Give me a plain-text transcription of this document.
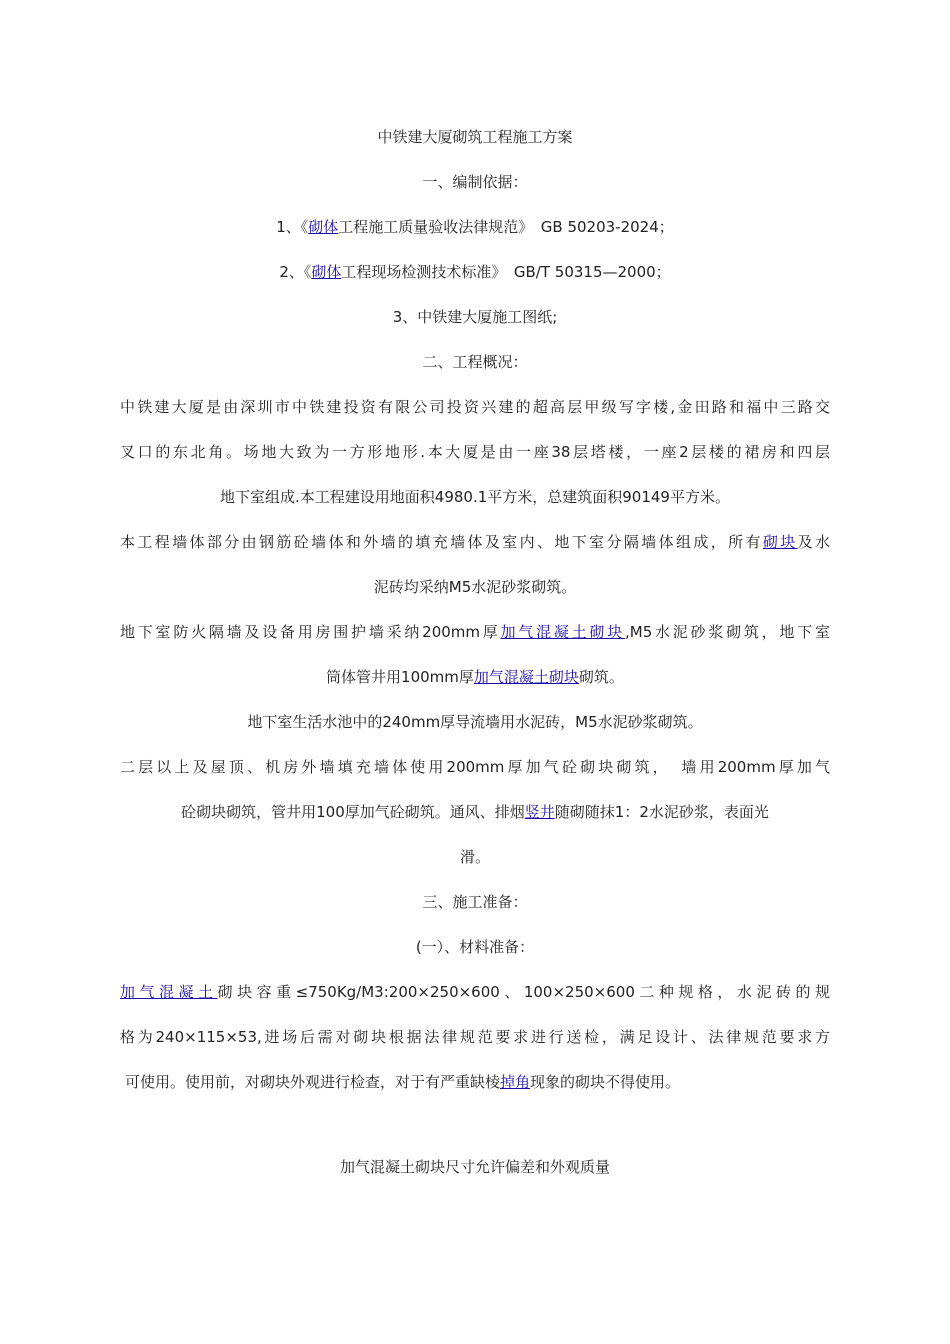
中铁建大厦砌筑工程施工方案
一、编制依据：
1、《砌体工程施工质量验收法律规范》　GB 50203-2024；
2、《砌体工程现场检测技术标准》　GB/T 50315—2000；
3、中铁建大厦施工图纸;
二、工程概况：
中铁建大厦是由深圳市中铁建投资有限公司投资兴建的超高层甲级写字楼,金田路和福中三路交
叉口的东北角。场地大致为一方形地形.本大厦是由一座38层塔楼，一座2层楼的裙房和四层
地下室组成.本工程建设用地面积4980.1平方米，总建筑面积90149平方米。
本工程墙体部分由钢筋砼墙体和外墙的填充墙体及室内、地下室分隔墙体组成，所有砌块及水
泥砖均采纳M5水泥砂浆砌筑。
地下室防火隔墙及设备用房围护墙采纳200mm厚加气混凝土砌块,M5水泥砂浆砌筑，地下室
筒体管井用100mm厚加气混凝土砌块砌筑。
地下室生活水池中的240mm厚导流墙用水泥砖，M5水泥砂浆砌筑。
二层以上及屋顶、机房外墙填充墙体使用200mm厚加气砼砌块砌筑，　墙用200mm厚加气
砼砌块砌筑，管井用100厚加气砼砌筑。通风、排烟竖井随砌随抹1：2水泥砂浆，表面光
滑。
三、施工准备：
(一）、材料准备：
加气混凝土砌块容重≤750Kg/M3:200×250×600、100×250×600二种规格，水泥砖的规
格为240×115×53,进场后需对砌块根据法律规范要求进行送检，满足设计、法律规范要求方
可使用。使用前，对砌块外观进行检查，对于有严重缺棱掉角现象的砌块不得使用。
加气混凝土砌块尺寸允许偏差和外观质量
